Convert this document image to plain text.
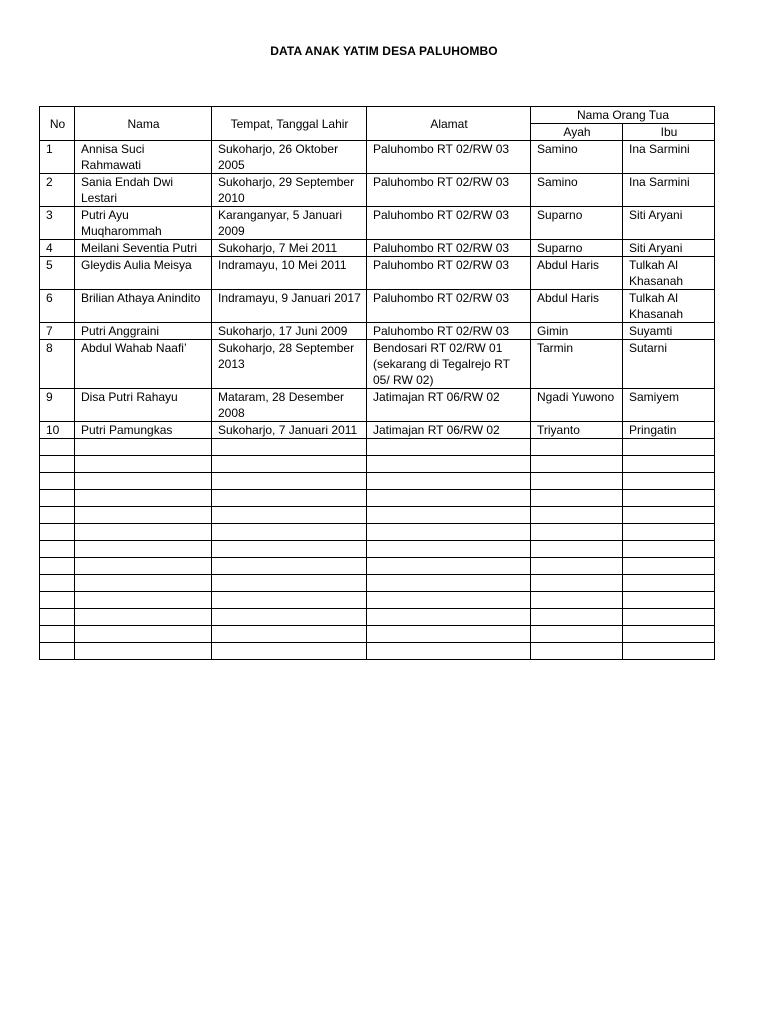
DATA ANAK YATIM DESA PALUHOMBO
No	Nama	Tempat, Tanggal Lahir	Alamat	Nama Orang Tua	
				Ayah	Ibu
1	Annisa Suci Rahmawati	Sukoharjo, 26 Oktober 2005	Paluhombo RT 02/RW 03	Samino	Ina Sarmini
2	Sania Endah Dwi Lestari	Sukoharjo, 29 September 2010	Paluhombo RT 02/RW 03	Samino	Ina Sarmini
3	Putri Ayu Muqharommah	Karanganyar, 5 Januari 2009	Paluhombo RT 02/RW 03	Suparno	Siti Aryani
4	Meilani Seventia Putri	Sukoharjo, 7 Mei 2011	Paluhombo RT 02/RW 03	Suparno	Siti Aryani
5	Gleydis Aulia Meisya	Indramayu, 10 Mei 2011	Paluhombo RT 02/RW 03	Abdul Haris	Tulkah Al Khasanah
6	Brilian Athaya Anindito	Indramayu, 9 Januari 2017	Paluhombo RT 02/RW 03	Abdul Haris	Tulkah Al Khasanah
7	Putri Anggraini	Sukoharjo, 17 Juni 2009	Paluhombo RT 02/RW 03	Gimin	Suyamti
8	Abdul Wahab Naafi’	Sukoharjo, 28 September 2013	Bendosari RT 02/RW 01 (sekarang di Tegalrejo RT 05/ RW 02)	Tarmin	Sutarni
9	Disa Putri Rahayu	Mataram, 28 Desember 2008	Jatimajan RT 06/RW 02	Ngadi Yuwono	Samiyem
10	Putri Pamungkas	Sukoharjo, 7 Januari 2011	Jatimajan RT 06/RW 02	Triyanto	Pringatin
